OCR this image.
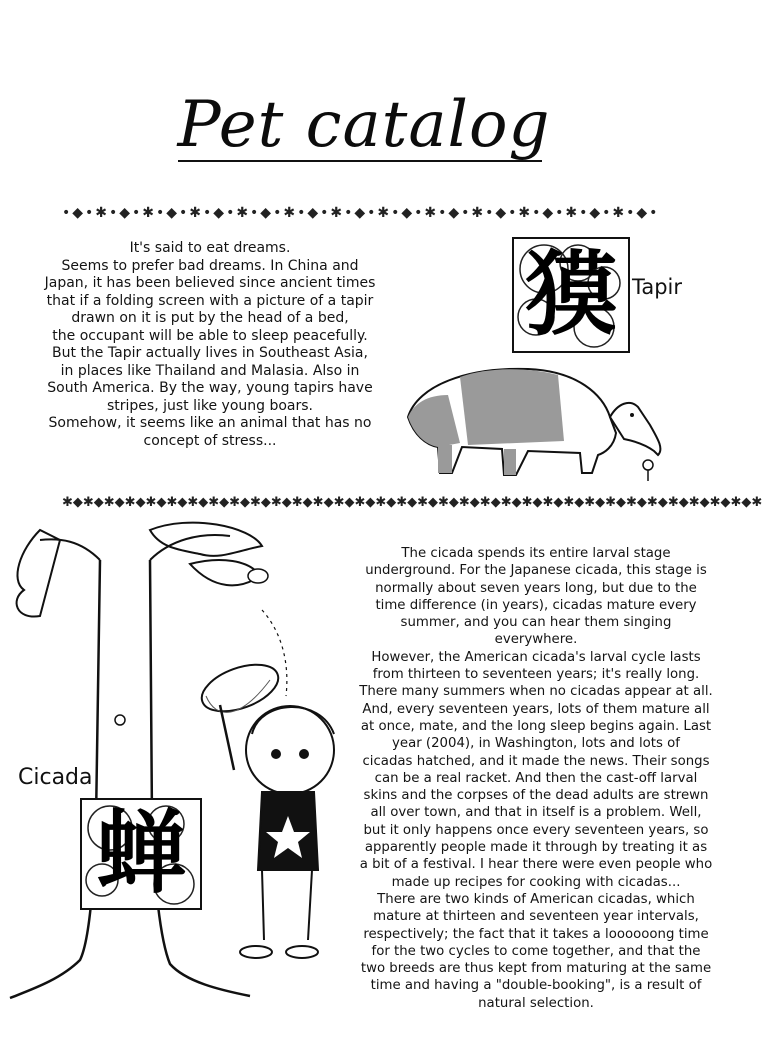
Pet catalog
•◆•✱•◆•✱•◆•✱•◆•✱•◆•✱•◆•✱•◆•✱•◆•✱•◆•✱•◆•✱•◆•✱•◆•✱•◆•
It's said to eat dreams.
Seems to prefer bad dreams. In China and
Japan, it has been believed since ancient times
that if a folding screen with a picture of a tapir
drawn on it is put by the head of a bed,
the occupant will be able to sleep peacefully.
But the Tapir actually lives in Southeast Asia,
in places like Thailand and Malasia. Also in
South America. By the way, young tapirs have
stripes, just like young boars.
Somehow, it seems like an animal that has no
concept of stress...
獏 Tapir
✱◆✱◆✱◆✱◆✱◆✱◆✱◆✱◆✱◆✱◆✱◆✱◆✱◆✱◆✱◆✱◆✱◆✱◆✱◆✱◆✱◆✱◆✱◆✱◆✱◆✱◆✱◆✱◆✱◆✱◆✱◆✱◆✱◆✱
蝉
Cicada
The cicada spends its entire larval stage
underground. For the Japanese cicada, this stage is
normally about seven years long, but due to the
time difference (in years), cicadas mature every
summer, and you can hear them singing
everywhere.
However, the American cicada's larval cycle lasts
from thirteen to seventeen years; it's really long.
There many summers when no cicadas appear at all.
And, every seventeen years, lots of them mature all
at once, mate, and the long sleep begins again. Last
year (2004), in Washington, lots and lots of
cicadas hatched, and it made the news. Their songs
can be a real racket. And then the cast-off larval
skins and the corpses of the dead adults are strewn
all over town, and that in itself is a problem. Well,
but it only happens once every seventeen years, so
apparently people made it through by treating it as
a bit of a festival. I hear there were even people who
made up recipes for cooking with cicadas...
There are two kinds of American cicadas, which
mature at thirteen and seventeen year intervals,
respectively; the fact that it takes a loooooong time
for the two cycles to come together, and that the
two breeds are thus kept from maturing at the same
time and having a "double-booking", is a result of
natural selection.
